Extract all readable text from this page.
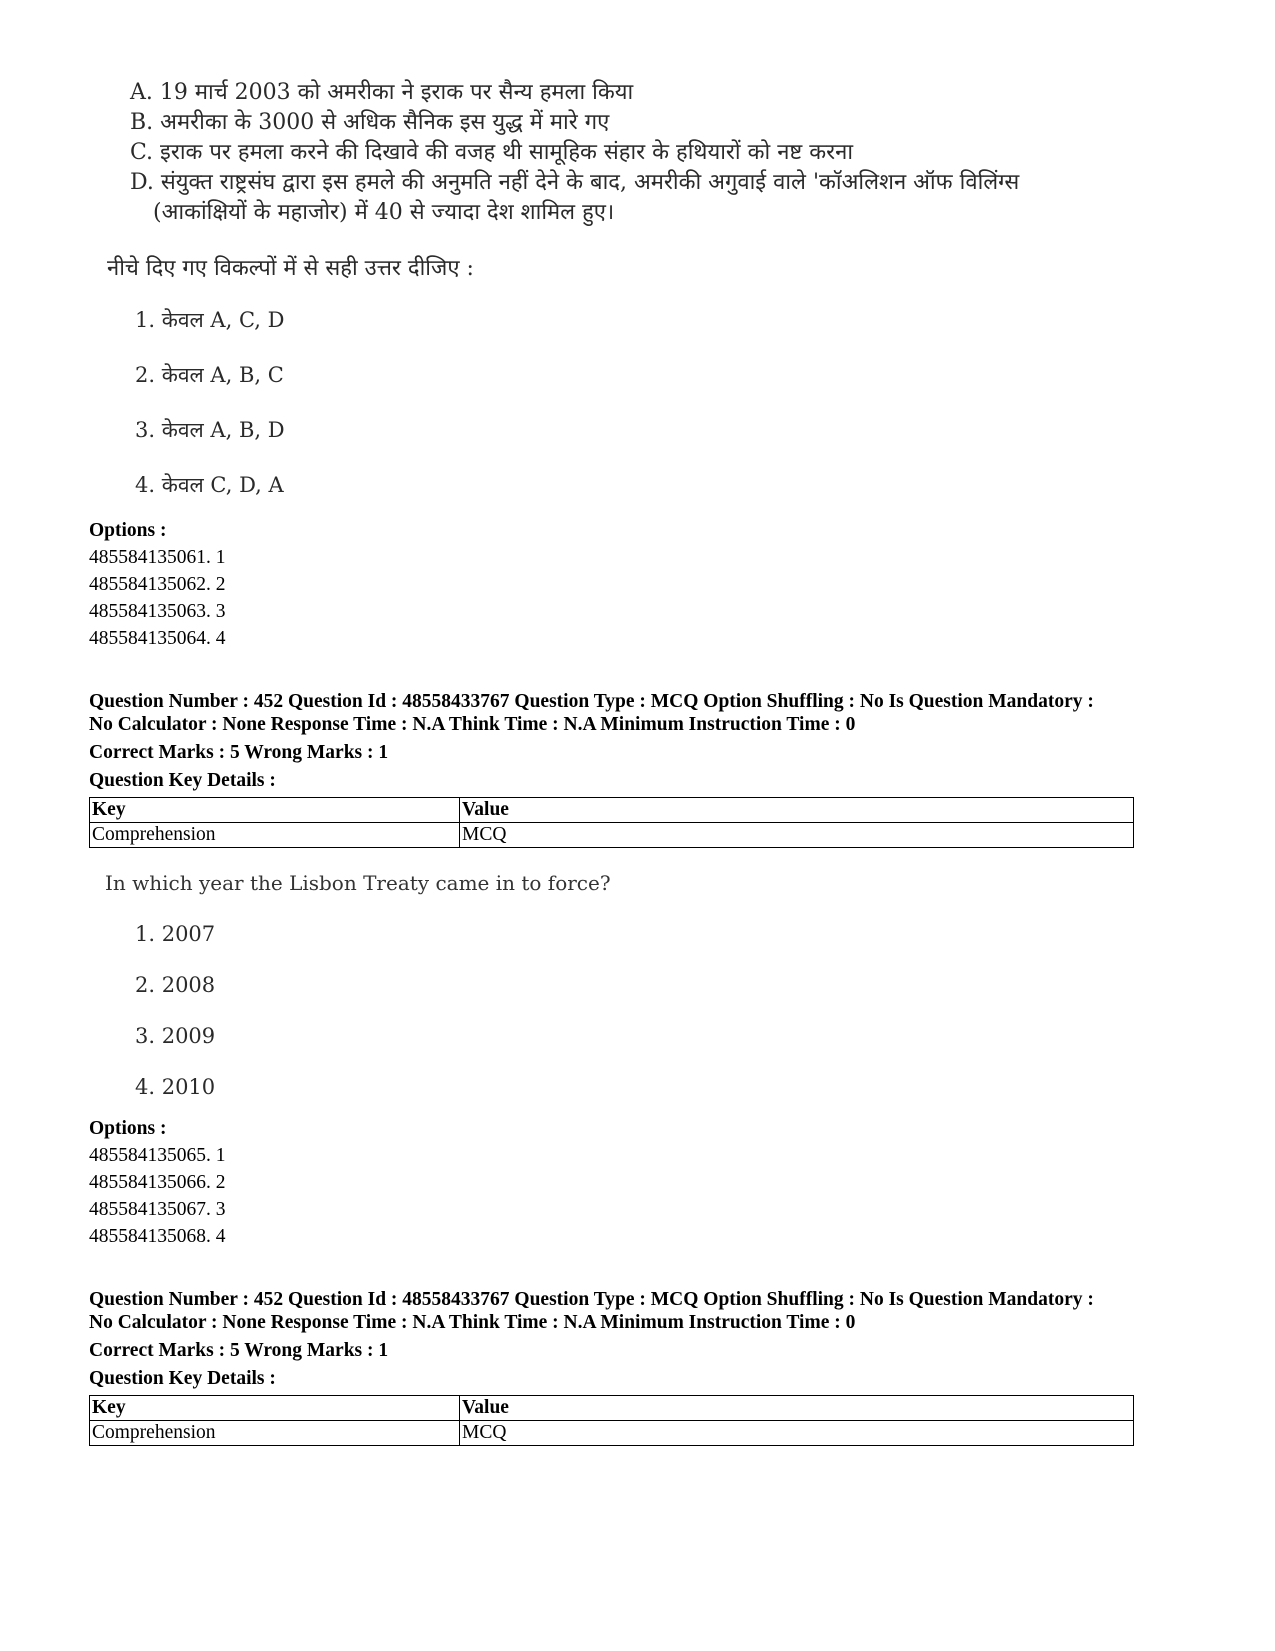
A. 19 मार्च 2003 को अमरीका ने इराक पर सैन्य हमला किया
B. अमरीका के 3000 से अधिक सैनिक इस युद्ध में मारे गए
C. इराक पर हमला करने की दिखावे की वजह थी सामूहिक संहार के हथियारों को नष्ट करना
D. संयुक्त राष्ट्रसंघ द्वारा इस हमले की अनुमति नहीं देने के बाद, अमरीकी अगुवाई वाले 'कॉअलिशन ऑफ विलिंग्स
(आकांक्षियों के महाजोर) में 40 से ज्यादा देश शामिल हुए।
नीचे दिए गए विकल्पों में से सही उत्तर दीजिए :
1. केवल A, C, D
2. केवल A, B, C
3. केवल A, B, D
4. केवल C, D, A
Options :
485584135061. 1
485584135062. 2
485584135063. 3
485584135064. 4
Question Number : 452 Question Id : 48558433767 Question Type : MCQ Option Shuffling : No Is Question Mandatory :
No Calculator : None Response Time : N.A Think Time : N.A Minimum Instruction Time : 0
Correct Marks : 5 Wrong Marks : 1
Question Key Details :
Key	Value
Comprehension	MCQ
In which year the Lisbon Treaty came in to force?
1. 2007
2. 2008
3. 2009
4. 2010
Options :
485584135065. 1
485584135066. 2
485584135067. 3
485584135068. 4
Question Number : 452 Question Id : 48558433767 Question Type : MCQ Option Shuffling : No Is Question Mandatory :
No Calculator : None Response Time : N.A Think Time : N.A Minimum Instruction Time : 0
Correct Marks : 5 Wrong Marks : 1
Question Key Details :
Key	Value
Comprehension	MCQ
